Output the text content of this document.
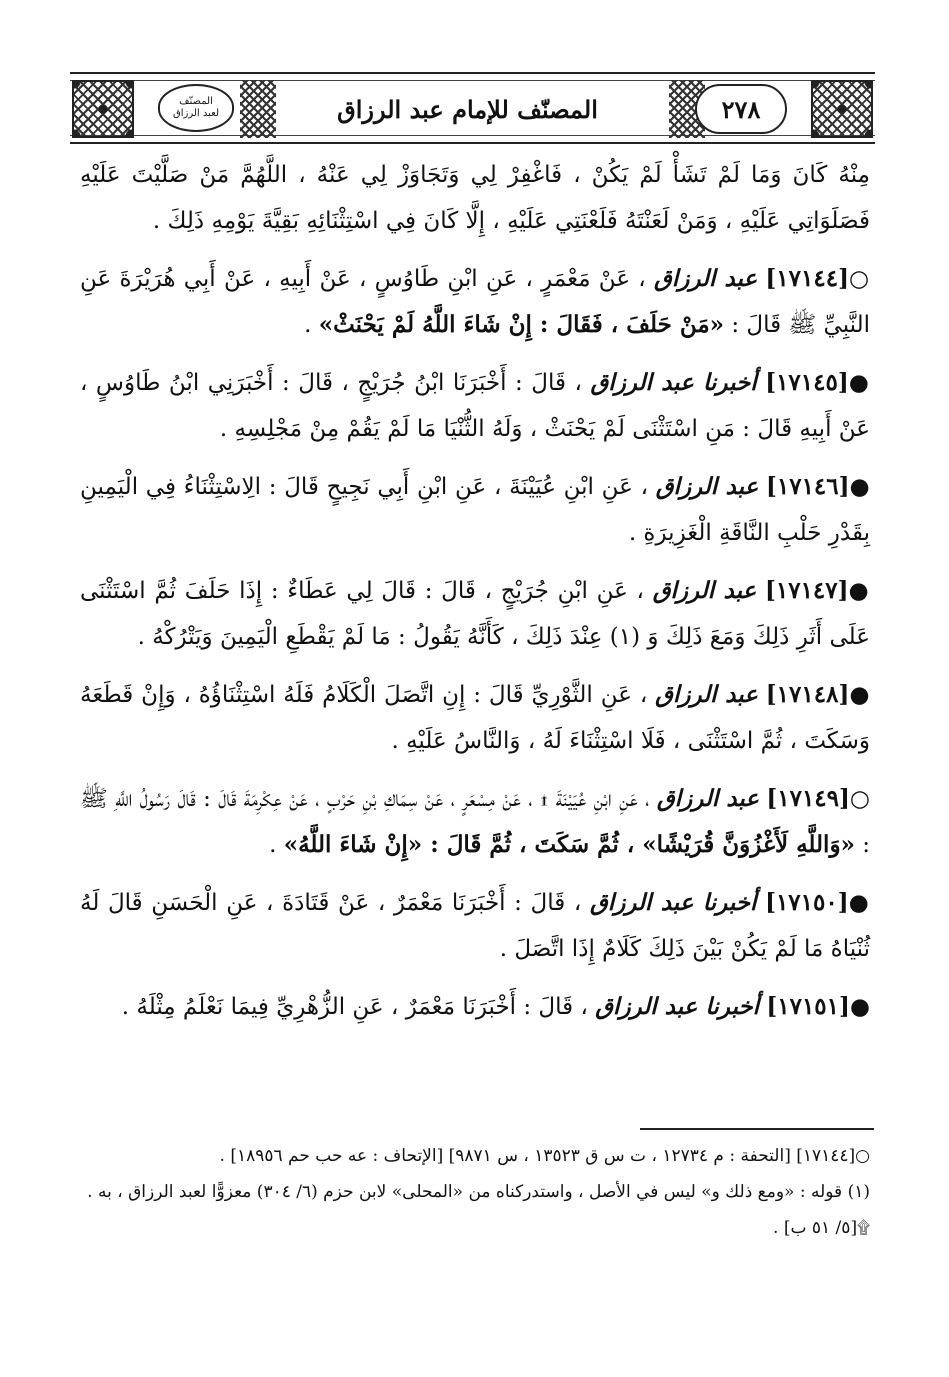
المصنّف
لعبد الرزاق	المصنّف للإمام عبد الرزاق	٢٧٨

مِنْهُ كَانَ وَمَا لَمْ تَشَأْ لَمْ يَكُنْ ، فَاغْفِرْ لِي وَتَجَاوَزْ لِي عَنْهُ ، اللَّهُمَّ مَنْ صَلَّيْتَ عَلَيْهِ فَصَلَوَاتِي عَلَيْهِ ، وَمَنْ لَعَنْتَهُ فَلَعْنَتِي عَلَيْهِ ، إِلَّا كَانَ فِي اسْتِثْنَائِهِ بَقِيَّةَ يَوْمِهِ ذَلِكَ .

○[١٧١٤٤] عبد الرزاق ، عَنْ مَعْمَرٍ ، عَنِ ابْنِ طَاوُسٍ ، عَنْ أَبِيهِ ، عَنْ أَبِي هُرَيْرَةَ عَنِ النَّبِيِّ ﷺ قَالَ : «مَنْ حَلَفَ ، فَقَالَ : إِنْ شَاءَ اللَّهُ لَمْ يَحْنَثْ» .

●[١٧١٤٥] أخبرنا عبد الرزاق ، قَالَ : أَخْبَرَنَا ابْنُ جُرَيْجٍ ، قَالَ : أَخْبَرَنِي ابْنُ طَاوُسٍ ، عَنْ أَبِيهِ قَالَ : مَنِ اسْتَثْنَى لَمْ يَحْنَثْ ، وَلَهُ الثُّنْيَا مَا لَمْ يَقُمْ مِنْ مَجْلِسِهِ .

●[١٧١٤٦] عبد الرزاق ، عَنِ ابْنِ عُيَيْنَةَ ، عَنِ ابْنِ أَبِي نَجِيحٍ قَالَ : الِاسْتِثْنَاءُ فِي الْيَمِينِ بِقَدْرِ حَلْبِ النَّاقَةِ الْغَزِيرَةِ .

●[١٧١٤٧] عبد الرزاق ، عَنِ ابْنِ جُرَيْجٍ ، قَالَ : قَالَ لِي عَطَاءٌ : إِذَا حَلَفَ ثُمَّ اسْتَثْنَى عَلَى أَثَرِ ذَلِكَ وَمَعَ ذَلِكَ وَ (١) عِنْدَ ذَلِكَ ، كَأَنَّهُ يَقُولُ : مَا لَمْ يَقْطَعِ الْيَمِينَ وَيَتْرُكْهُ .

●[١٧١٤٨] عبد الرزاق ، عَنِ الثَّوْرِيِّ قَالَ : إِنِ اتَّصَلَ الْكَلَامُ فَلَهُ اسْتِثْنَاؤُهُ ، وَإِنْ قَطَعَهُ وَسَكَتَ ، ثُمَّ اسْتَثْنَى ، فَلَا اسْتِثْنَاءَ لَهُ ، وَالنَّاسُ عَلَيْهِ .

○[١٧١٤٩] عبد الرزاق ، عَنِ ابْنِ عُيَيْنَةَ ۩ ، عَنْ مِسْعَرٍ ، عَنْ سِمَاكِ بْنِ حَرْبٍ ، عَنْ عِكْرِمَةَ قَالَ : قَالَ رَسُولُ اللَّهِ ﷺ : «وَاللَّهِ لَأَغْزُوَنَّ قُرَيْشًا» ، ثُمَّ سَكَتَ ، ثُمَّ قَالَ : «إِنْ شَاءَ اللَّهُ» .

●[١٧١٥٠] أخبرنا عبد الرزاق ، قَالَ : أَخْبَرَنَا مَعْمَرٌ ، عَنْ قَتَادَةَ ، عَنِ الْحَسَنِ قَالَ لَهُ ثُنْيَاهُ مَا لَمْ يَكُنْ بَيْنَ ذَلِكَ كَلَامٌ إِذَا اتَّصَلَ .

●[١٧١٥١] أخبرنا عبد الرزاق ، قَالَ : أَخْبَرَنَا مَعْمَرٌ ، عَنِ الزُّهْرِيِّ فِيمَا نَعْلَمُ مِثْلَهُ .

○[١٧١٤٤] [التحفة : م ١٢٧٣٤ ، ت س ق ١٣٥٢٣ ، س ٩٨٧١] [الإتحاف : عه حب حم ١٨٩٥٦] .

(١) قوله : «ومع ذلك و» ليس في الأصل ، واستدركناه من «المحلى» لابن حزم (٦/ ٣٠٤) معزوًّا لعبد الرزاق ، به .

۩[٥/ ٥١ ب] .
